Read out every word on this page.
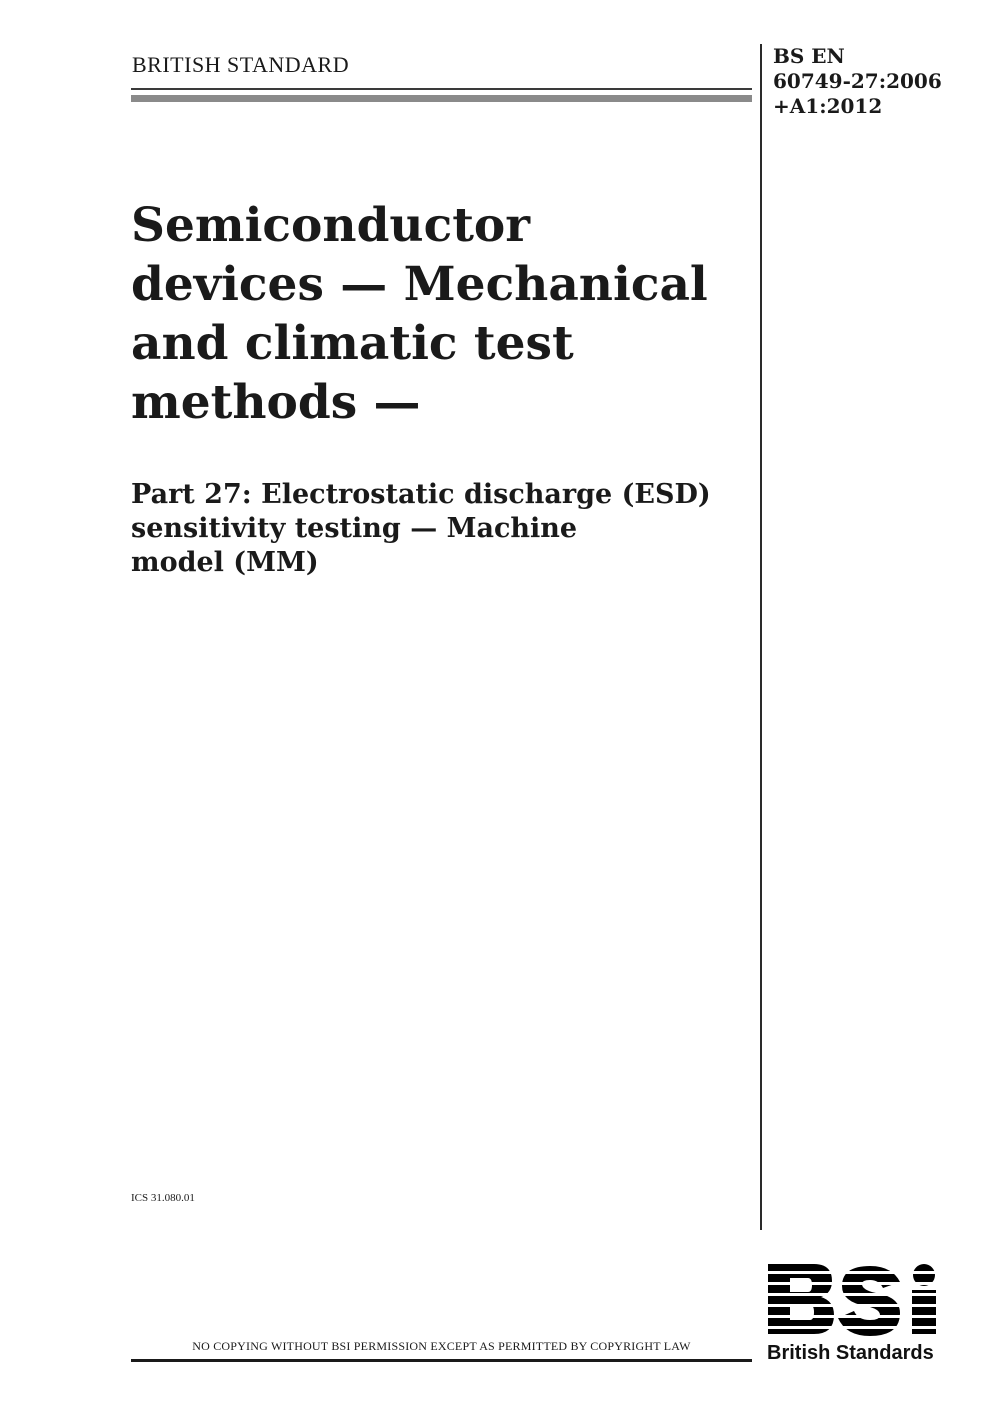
BRITISH STANDARD	BS EN
60749-27:2006
+A1:2012
Semiconductor
devices — Mechanical
and climatic test
methods —
Part 27: Electrostatic discharge (ESD)
sensitivity testing — Machine
model (MM)
ICS 31.080.01
NO COPYING WITHOUT BSI PERMISSION EXCEPT AS PERMITTED BY COPYRIGHT LAW	British Standards
